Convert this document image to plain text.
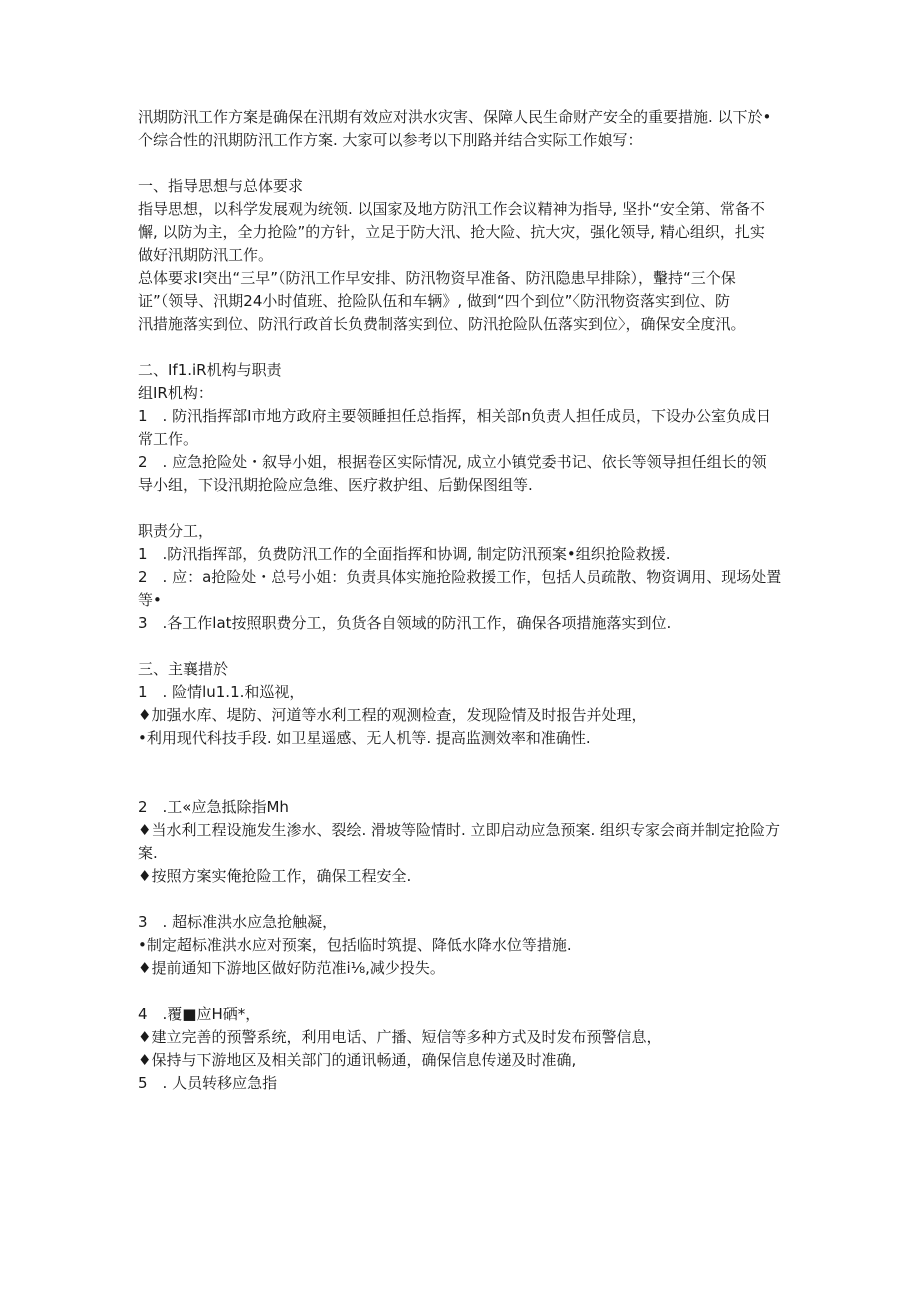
汛期防汛工作方案是确保在汛期有效应对洪水灾害、保障人民生命财产安全的重要措施. 以下於•

个综合性的汛期防汛工作方案. 大家可以参考以下刖路并结合实际工作娘写：

一、指导思想与总体要求

指导思想，以科学发展观为统领. 以国家及地方防汛工作会议精神为指导, 坚扑“安全第、常备不

懈, 以防为主，全力抢险”的方针，立足于防大汛、抢大险、抗大灾，强化领导, 精心组织，扎实

做好汛期防汛工作。

总体要求I突出“三早”（防汛工作早安排、防汛物资早准备、防汛隐患早排除），轚持“三个保

证”（领导、汛期24小时值班、抢险队伍和车辆》, 做到“四个到位”〈防汛物资落实到位、防

汛措施落实到位、防汛行政首长负费制落实到位、防汛抢险队伍落实到位〉，确保安全度汛。

二、If1.iR机构与职责

组IR机构：

1　. 防汛指挥部I市地方政府主要领睡担任总指挥，相关部n负责人担任成员，下设办公室负成日

常工作。

2　. 应急抢险处・叙导小姐，根据卷区实际情况, 成立小镇党委书记、依长等领导担任组长的领

导小组，下设汛期抢险应急维、医疗救护组、后勤保图组等.

职责分工，

1　.防汛指挥部，负费防汛工作的全面指挥和协调, 制定防汛预案•组织抢险救援.

2　. 应：a抢险处・总号小姐：负责具体实施抢险救援工作，包括人员疏散、物资调用、现场处置

等•

3　.各工作lat按照职费分工，负货各自领域的防汛工作，确保各项措施落实到位.

三、主襄措於

1　. 险情lu1.1.和巡视，

♦加强水库、堤防、河道等水利工程的观测检查，发现险情及时报告并处理，

•利用现代科技手段. 如卫星遥感、无人机等. 提高监测效率和准确性.

2　.工«应急抵除指Mh

♦当水利工程设施发生渗水、裂绘. 滑坡等险情时. 立即启动应急预案. 组织专家会商并制定抢险方

案.

♦按照方案实俺抢险工作，确保工程安全.

3　. 超标准洪水应急抢触凝，

•制定超标准洪水应对预案，包括临时筑提、降低水降水位等措施.

♦提前通知下游地区做好防范准i⅛,减少投失。

4　.覆■应H硒*，

♦建立完善的预警系统，利用电话、广播、短信等多种方式及时发布预警信息，

♦保持与下游地区及相关部门的通讯畅通，确保信息传递及时准确,

5　. 人员转移应急指
